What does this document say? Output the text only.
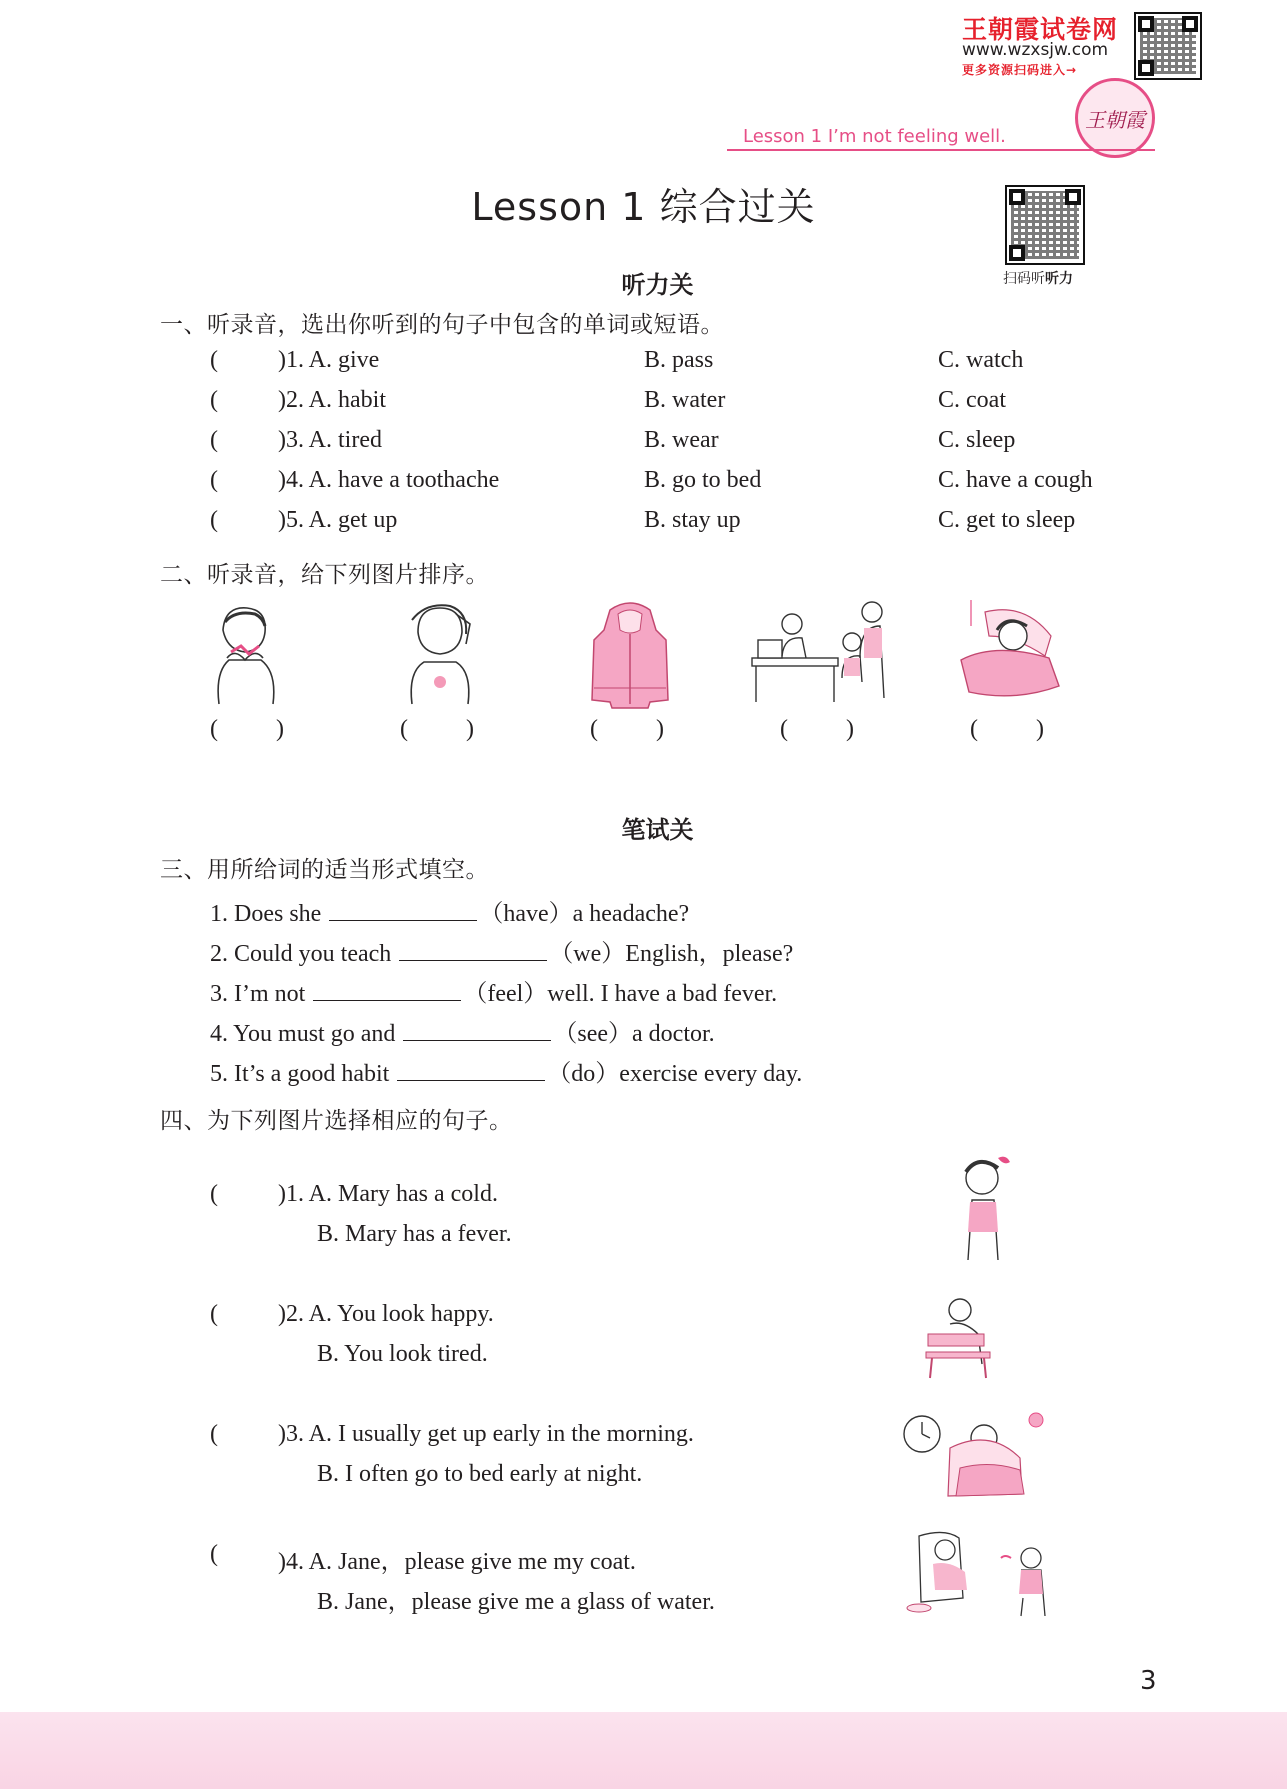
王朝霞试卷网
www.wzxsjw.com
更多资源扫码进入→
王朝霞
Lesson 1 I’m not feeling well.
Lesson 1 综合过关
扫码听听力
听力关
一、听录音，选出你听到的句子中包含的单词或短语。
(	)1. A. give	B. pass	C. watch
(	)2. A. habit	B. water	C. coat
(	)3. A. tired	B. wear	C. sleep
(	)4. A. have a toothache	B. go to bed	C. have a cough
(	)5. A. get up	B. stay up	C. get to sleep
二、听录音，给下列图片排序。
( )	( )	( )	( )	( )
笔试关
三、用所给词的适当形式填空。
1. Does she	（have）a headache?
2. Could you teach	（we）English，please?
3. I’m not	（feel）well. I have a bad fever.
4. You must go and	（see）a doctor.
5. It’s a good habit	（do）exercise every day.
四、为下列图片选择相应的句子。
(	)1. A. Mary has a cold.
B. Mary has a fever.
(	)2. A. You look happy.
B. You look tired.
(	)3. A. I usually get up early in the morning.
B. I often go to bed early at night.
(	)4. A. Jane，please give me my coat.
B. Jane，please give me a glass of water.
3
